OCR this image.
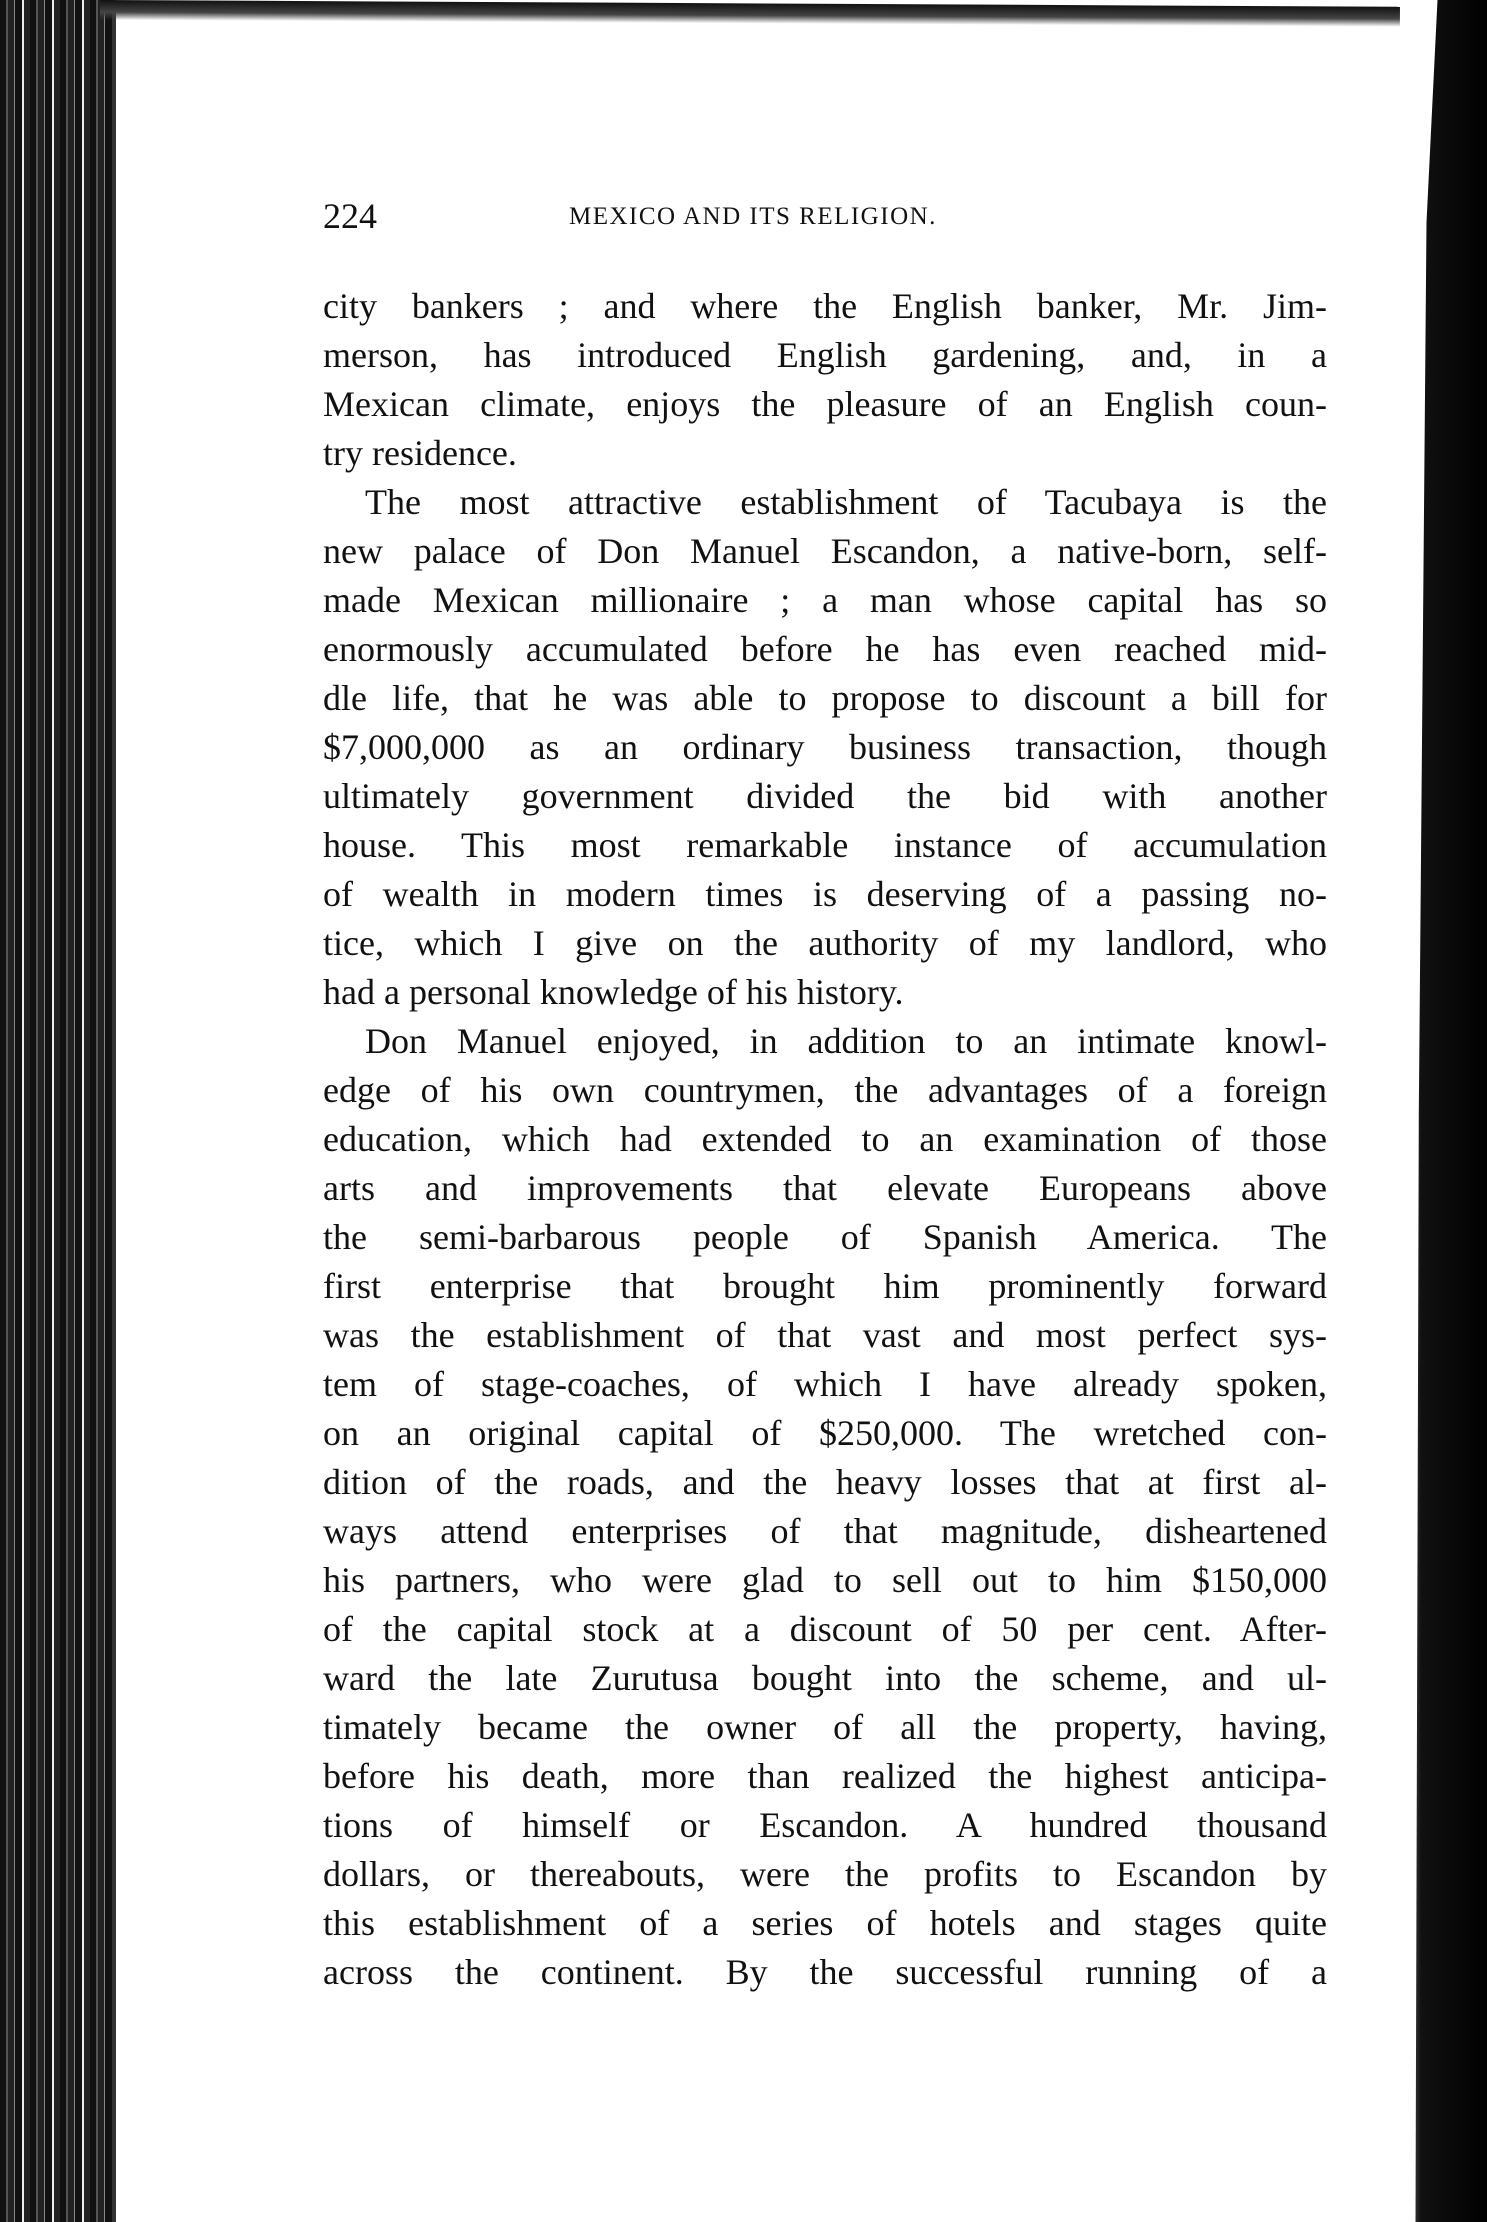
224	MEXICO AND ITS RELIGION.
city bankers ; and where the English banker, Mr. Jim-
merson, has introduced English gardening, and, in a
Mexican climate, enjoys the pleasure of an English coun-
try residence.
The most attractive establishment of Tacubaya is the
new palace of Don Manuel Escandon, a native-born, self-
made Mexican millionaire ; a man whose capital has so
enormously accumulated before he has even reached mid-
dle life, that he was able to propose to discount a bill for
$7,000,000 as an ordinary business transaction, though
ultimately government divided the bid with another
house. This most remarkable instance of accumulation
of wealth in modern times is deserving of a passing no-
tice, which I give on the authority of my landlord, who
had a personal knowledge of his history.
Don Manuel enjoyed, in addition to an intimate knowl-
edge of his own countrymen, the advantages of a foreign
education, which had extended to an examination of those
arts and improvements that elevate Europeans above
the semi-barbarous people of Spanish America. The
first enterprise that brought him prominently forward
was the establishment of that vast and most perfect sys-
tem of stage-coaches, of which I have already spoken,
on an original capital of $250,000. The wretched con-
dition of the roads, and the heavy losses that at first al-
ways attend enterprises of that magnitude, disheartened
his partners, who were glad to sell out to him $150,000
of the capital stock at a discount of 50 per cent. After-
ward the late Zurutusa bought into the scheme, and ul-
timately became the owner of all the property, having,
before his death, more than realized the highest anticipa-
tions of himself or Escandon. A hundred thousand
dollars, or thereabouts, were the profits to Escandon by
this establishment of a series of hotels and stages quite
across the continent. By the successful running of a
